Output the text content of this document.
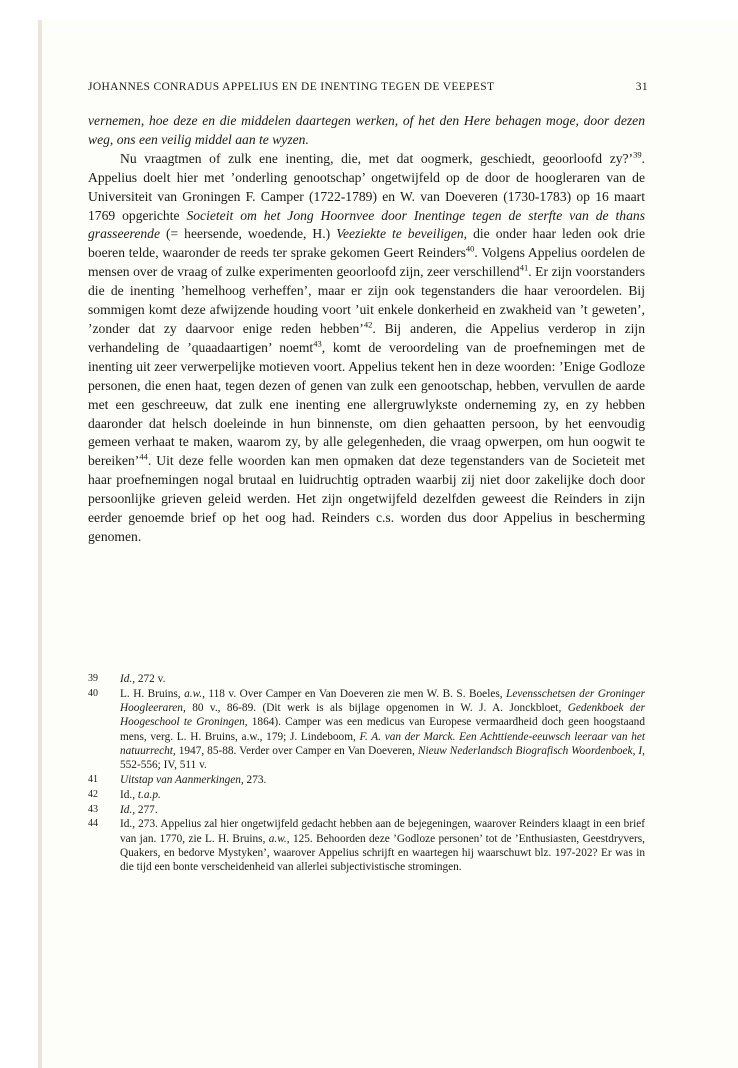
JOHANNES CONRADUS APPELIUS EN DE INENTING TEGEN DE VEEPEST	31

vernemen, hoe deze en die middelen daartegen werken, of het den Here behagen moge, door dezen weg, ons een veilig middel aan te wyzen.

Nu vraagtmen of zulk ene inenting, die, met dat oogmerk, geschiedt, geoorloofd zy?’$^{39}$. Appelius doelt hier met ’onderling genootschap’ ongetwijfeld op de door de hoogleraren van de Universiteit van Groningen F. Camper (1722-1789) en W. van Doeveren (1730-1783) op 16 maart 1769 opgerichte Societeit om het Jong Hoornvee door Inentinge tegen de sterfte van de thans grasseerende (= heersende, woedende, H.) Veeziekte te beveiligen, die onder haar leden ook drie boeren telde, waaronder de reeds ter sprake gekomen Geert Reinders$^{40}$. Volgens Appelius oordelen de mensen over de vraag of zulke experimenten geoorloofd zijn, zeer verschillend$^{41}$. Er zijn voorstanders die de inenting ’hemelhoog verheffen’, maar er zijn ook tegenstanders die haar veroordelen. Bij sommigen komt deze afwijzende houding voort ’uit enkele donkerheid en zwakheid van ’t geweten’, ’zonder dat zy daarvoor enige reden hebben’$^{42}$. Bij anderen, die Appelius verderop in zijn verhandeling de ’quaadaartigen’ noemt$^{43}$, komt de veroordeling van de proefnemingen met de inenting uit zeer verwerpelijke motieven voort. Appelius tekent hen in deze woorden: ’Enige Godloze personen, die enen haat, tegen dezen of genen van zulk een genootschap, hebben, vervullen de aarde met een geschreeuw, dat zulk ene inenting ene allergruwlykste onderneming zy, en zy hebben daaronder dat helsch doeleinde in hun binnenste, om dien gehaatten persoon, by het eenvoudig gemeen verhaat te maken, waarom zy, by alle gelegenheden, die vraag opwerpen, om hun oogwit te bereiken’$^{44}$. Uit deze felle woorden kan men opmaken dat deze tegenstanders van de Societeit met haar proefnemingen nogal brutaal en luidruchtig optraden waarbij zij niet door zakelijke doch door persoonlijke grieven geleid werden. Het zijn ongetwijfeld dezelfden geweest die Reinders in zijn eerder genoemde brief op het oog had. Reinders c.s. worden dus door Appelius in bescherming genomen.

39	Id., 272 v.
40	L. H. Bruins, a.w., 118 v. Over Camper en Van Doeveren zie men W. B. S. Boeles, Levensschetsen der Groninger Hoogleeraren, 80 v., 86-89. (Dit werk is als bijlage opgenomen in W. J. A. Jonckbloet, Gedenkboek der Hoogeschool te Groningen, 1864). Camper was een medicus van Europese vermaardheid doch geen hoogstaand mens, verg. L. H. Bruins, a.w., 179; J. Lindeboom, F. A. van der Marck. Een Achttiende-eeuwsch leeraar van het natuurrecht, 1947, 85-88. Verder over Camper en Van Doeveren, Nieuw Nederlandsch Biografisch Woordenboek, I, 552-556; IV, 511 v.
41	Uitstap van Aanmerkingen, 273.
42	Id., t.a.p.
43	Id., 277.
44	Id., 273. Appelius zal hier ongetwijfeld gedacht hebben aan de bejegeningen, waarover Reinders klaagt in een brief van jan. 1770, zie L. H. Bruins, a.w., 125. Behoorden deze ’Godloze personen’ tot de ’Enthusiasten, Geestdryvers, Quakers, en bedorve Mystyken’, waarover Appelius schrijft en waartegen hij waarschuwt blz. 197-202? Er was in die tijd een bonte verscheidenheid van allerlei subjectivistische stromingen.
